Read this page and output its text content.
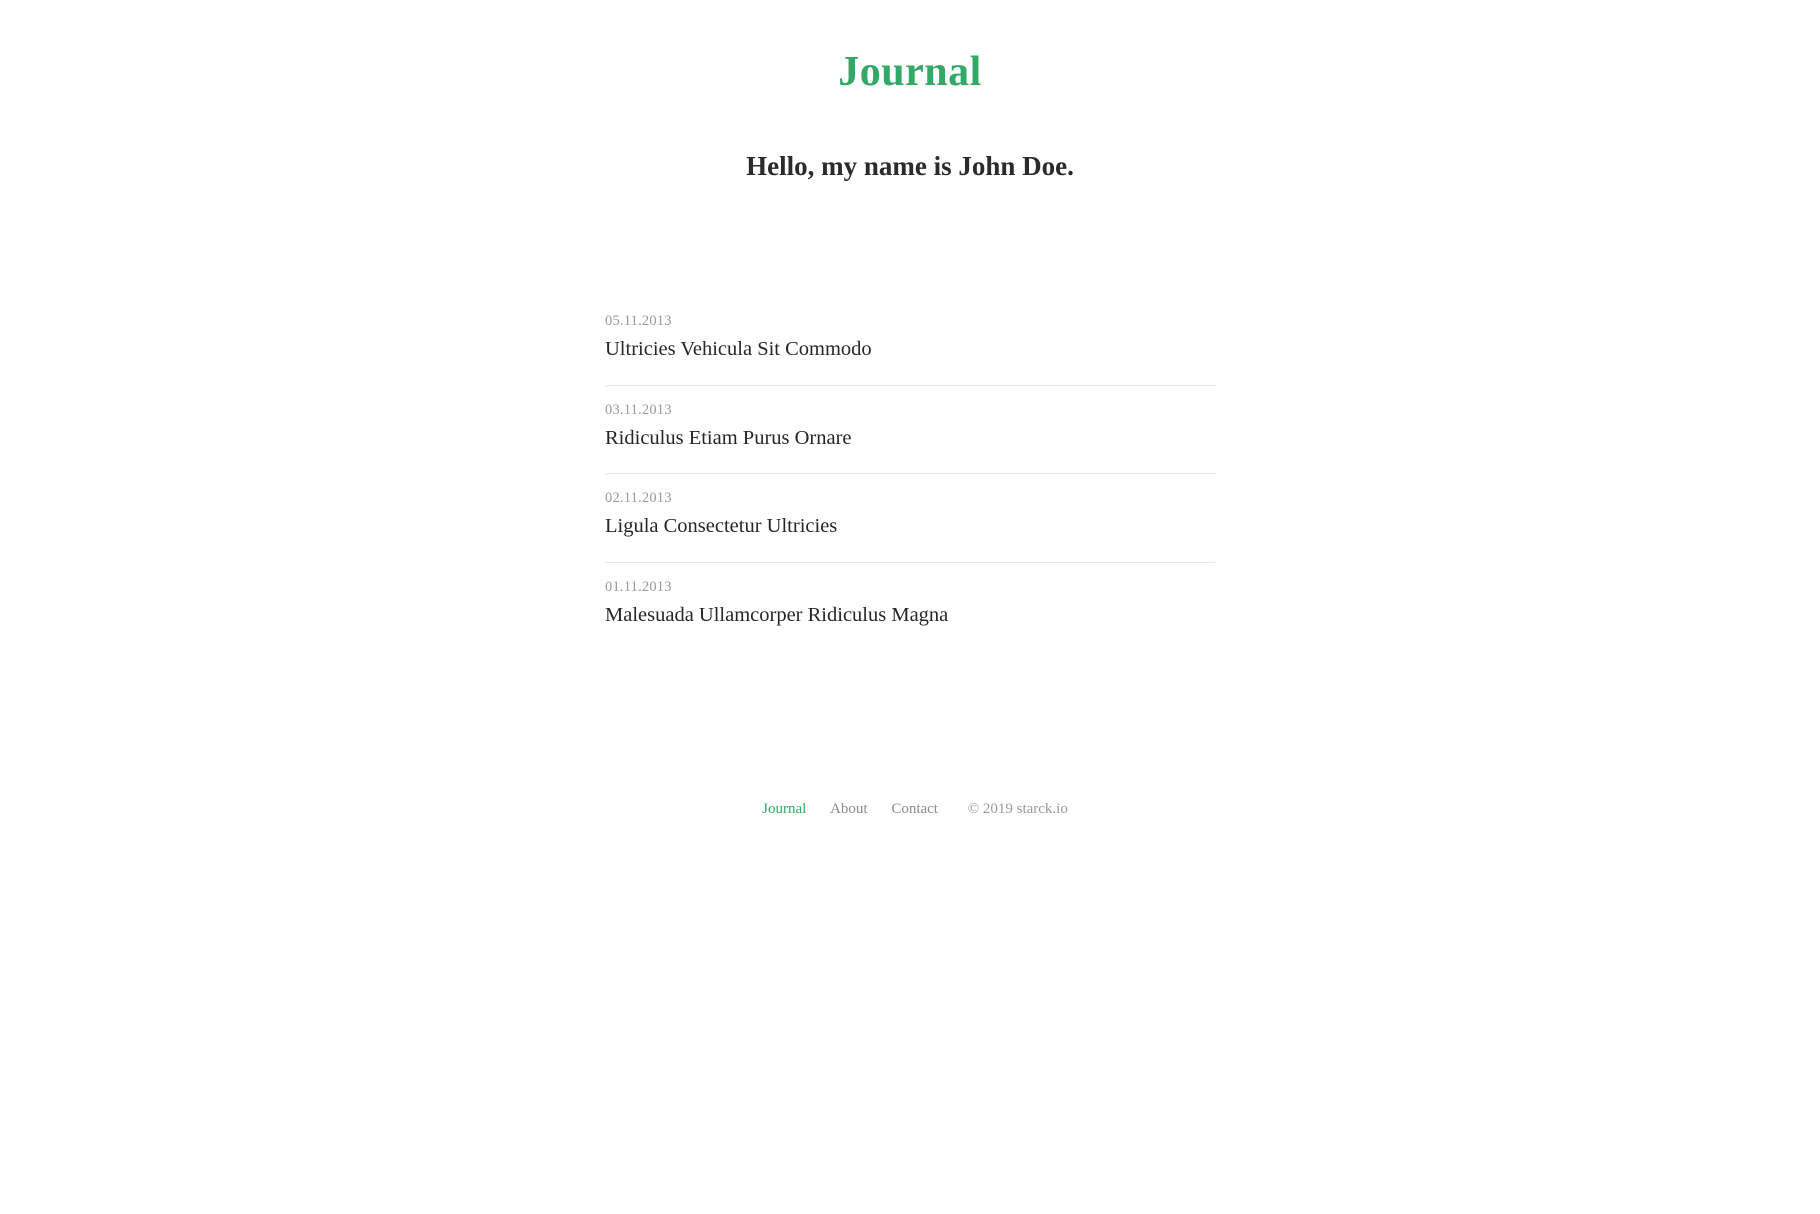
Journal
Hello, my name is John Doe.
05.11.2013
Ultricies Vehicula Sit Commodo
03.11.2013
Ridiculus Etiam Purus Ornare
02.11.2013
Ligula Consectetur Ultricies
01.11.2013
Malesuada Ullamcorper Ridiculus Magna
Journal About Contact © 2019 starck.io
